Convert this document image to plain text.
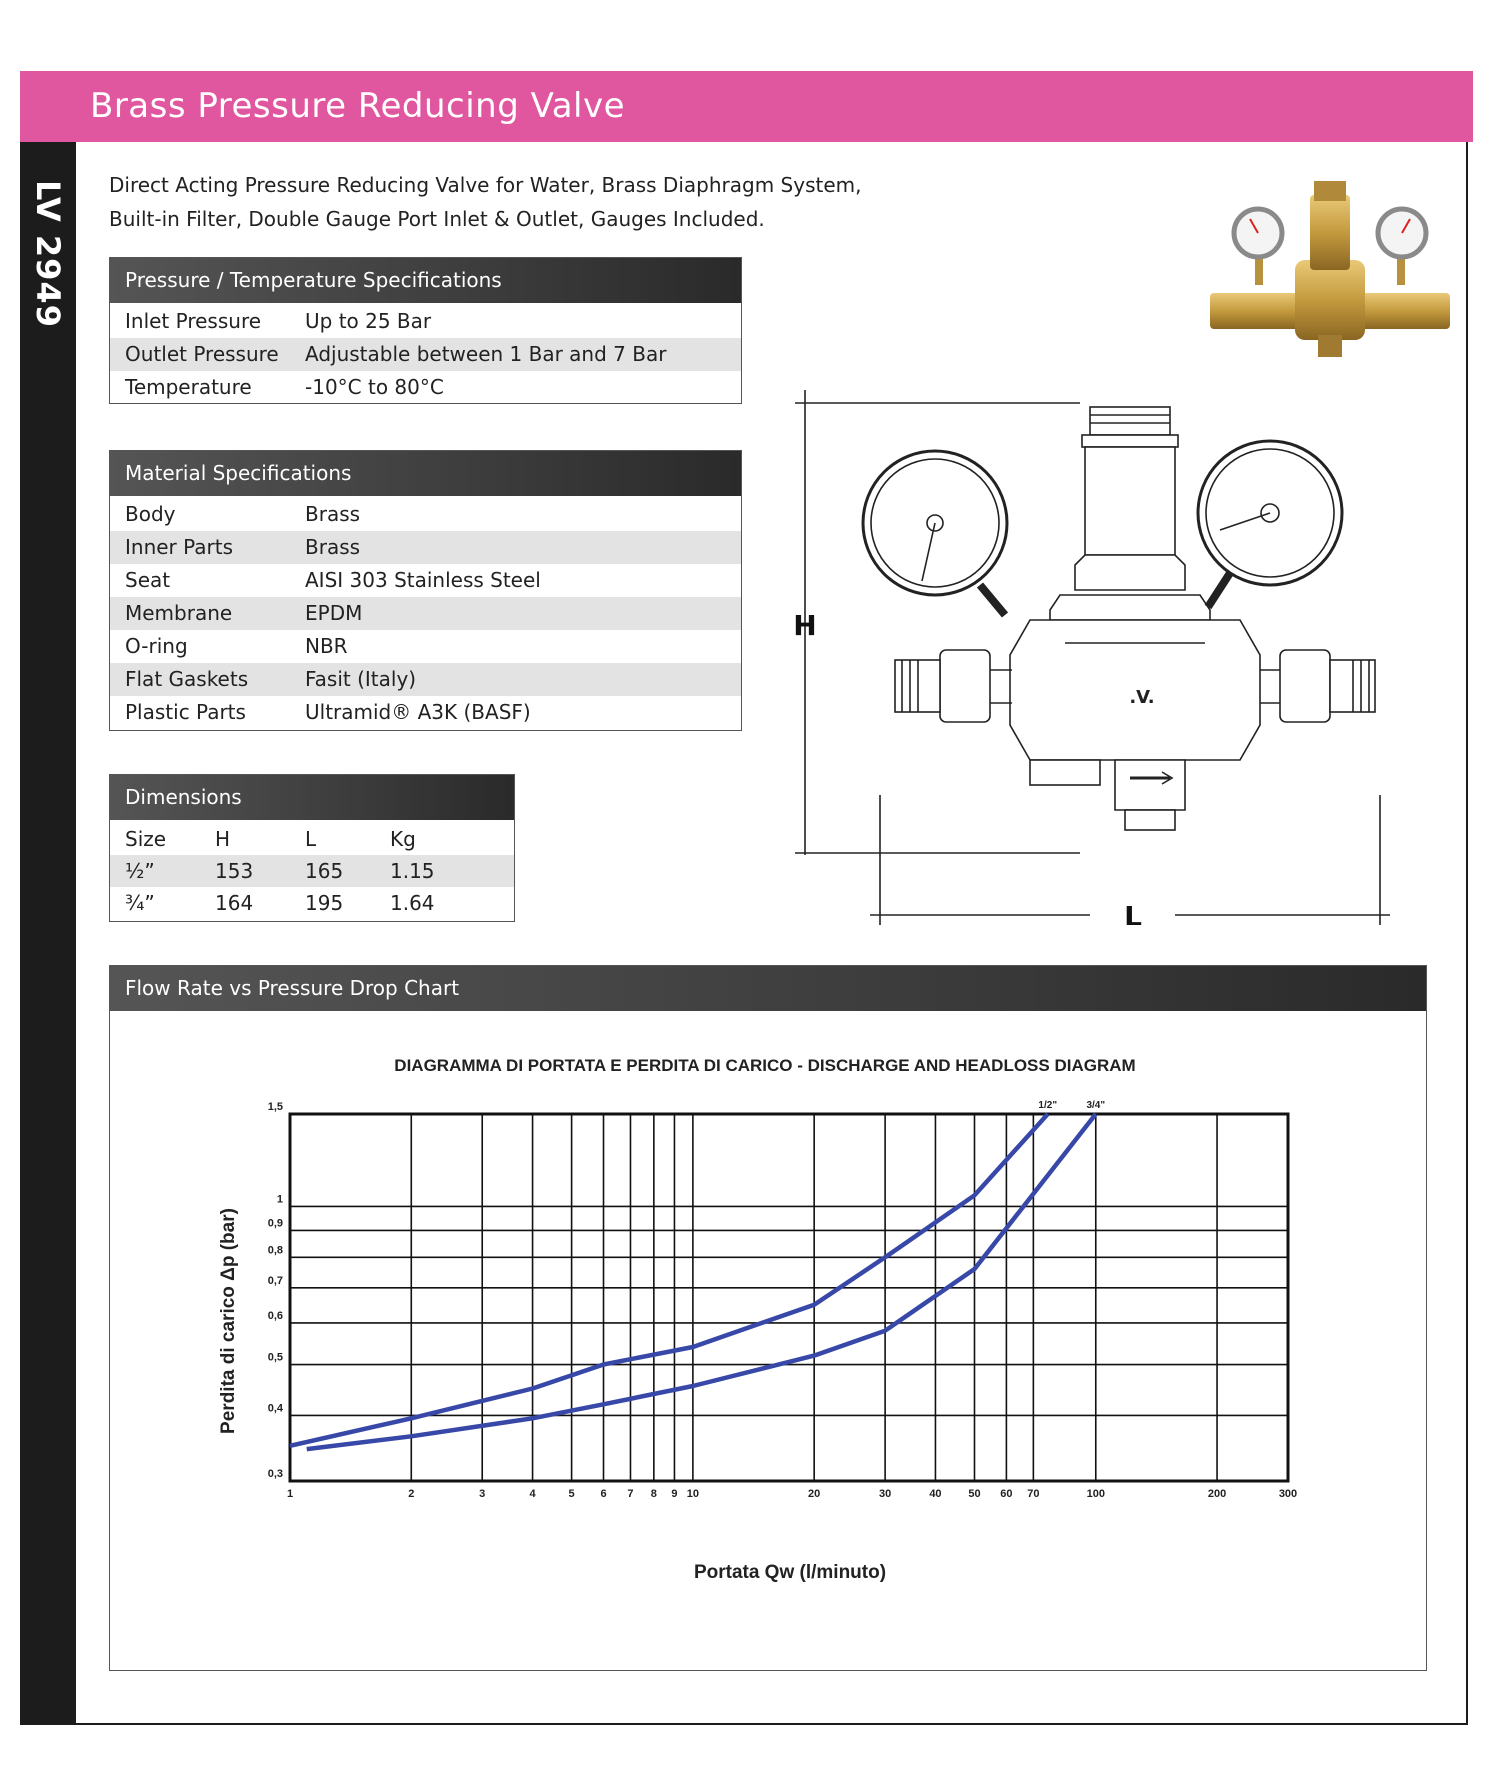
Brass Pressure Reducing Valve
LV 2949 Direct Acting Pressure Reducing Valve for Water, Brass Diaphragm System,
Built-in Filter, Double Gauge Port Inlet & Outlet, Gauges Included.
Pressure / Temperature Specifications
Inlet Pressure	Up to 25 Bar
Outlet Pressure	Adjustable between 1 Bar and 7 Bar
Temperature	-10°C to 80°C
Material Specifications
Body	Brass
Inner Parts	Brass
Seat	AISI 303 Stainless Steel
Membrane	EPDM
O-ring	NBR
Flat Gaskets	Fasit (Italy)
Plastic Parts	Ultramid® A3K (BASF)
Dimensions
Size	H	L	Kg
½”	153	165	1.15
¾”	164	195	1.64
.V.
H
L
Flow Rate vs Pressure Drop Chart
DIAGRAMMA DI PORTATA E PERDITA DI CARICO - DISCHARGE AND HEADLOSS DIAGRAM
1	2	3	4	5 6 7 8 9 10	20	30	40 50 60 70	100	200	300
0,3
0,4
0,5
0,6
0,7
0,8
0,9
1
1,5	1/2"	3/4"
Portata Qw (l/minuto)
Perdita di carico Δp (bar)
